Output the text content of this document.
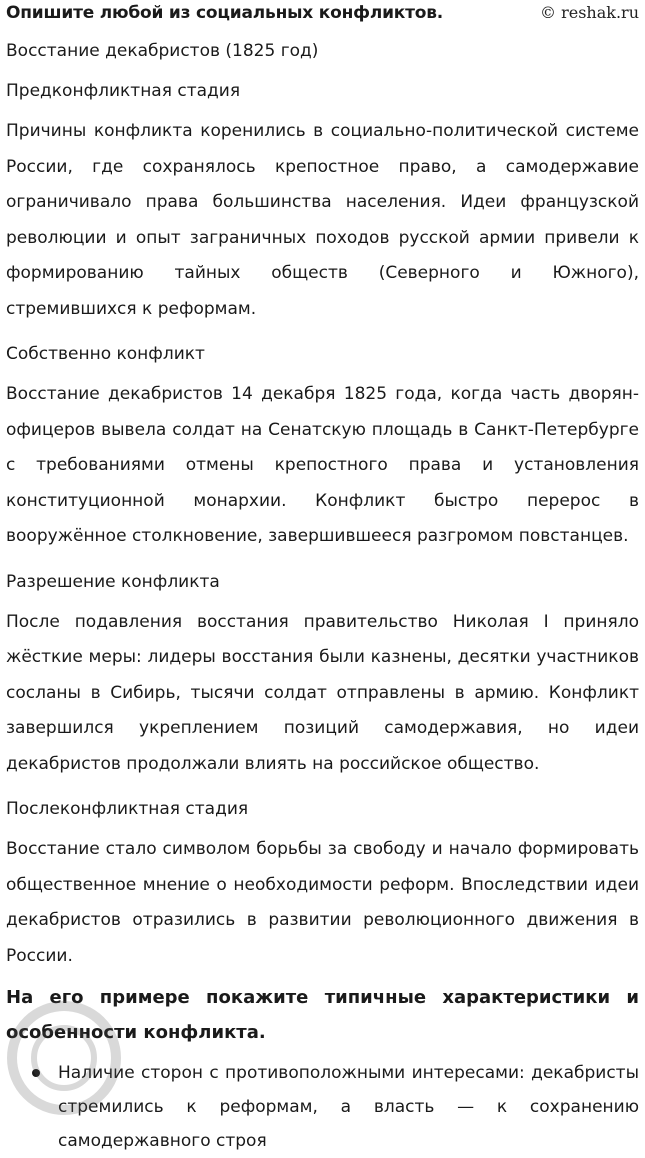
Опишите любой из социальных конфликтов.	© reshak.ru

Восстание декабристов (1825 год)

Предконфликтная стадия

Причины конфликта коренились в социально-политической системе России, где сохранялось крепостное право, а самодержавие ограничивало права большинства населения. Идеи французской революции и опыт заграничных походов русской армии привели к формированию тайных обществ (Северного и Южного), стремившихся к реформам.

Собственно конфликт

Восстание декабристов 14 декабря 1825 года, когда часть дворян-офицеров вывела солдат на Сенатскую площадь в Санкт-Петербурге с требованиями отмены крепостного права и установления конституционной монархии. Конфликт быстро перерос в вооружённое столкновение, завершившееся разгромом повстанцев.

Разрешение конфликта

После подавления восстания правительство Николая I приняло жёсткие меры: лидеры восстания были казнены, десятки участников сосланы в Сибирь, тысячи солдат отправлены в армию. Конфликт завершился укреплением позиций самодержавия, но идеи декабристов продолжали влиять на российское общество.

Послеконфликтная стадия

Восстание стало символом борьбы за свободу и начало формировать общественное мнение о необходимости реформ. Впоследствии идеи декабристов отразились в развитии революционного движения в России.

На его примере покажите типичные характеристики и особенности конфликта.

Наличие сторон с противоположными интересами: декабристы стремились к реформам, а власть — к сохранению самодержавного строя
